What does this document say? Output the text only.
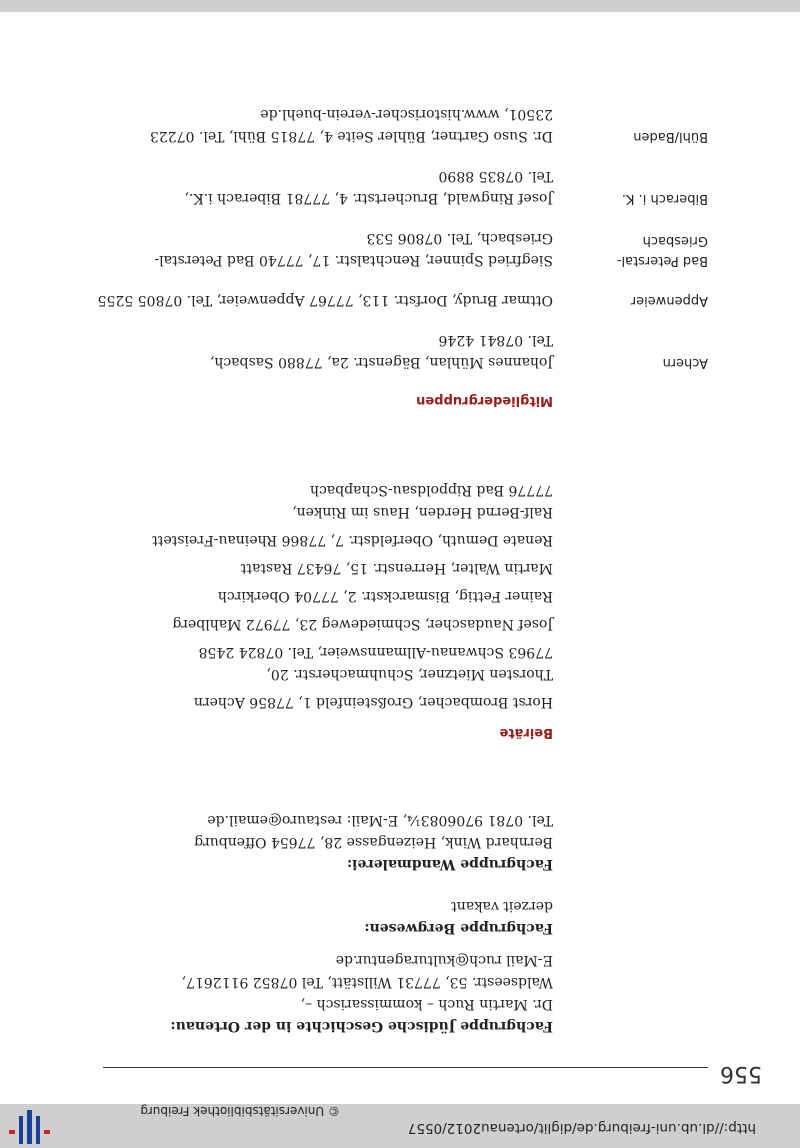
© Universitätsbibliothek Freiburg
http://dl.ub.uni-freiburg.de/diglit/ortenau2012/0557
556
Fachgruppe Jüdische Geschichte in der Ortenau:
Dr. Martin Ruch – kommissarisch –,
Waldseestr. 53, 77731 Willstätt, Tel 07852 9112617,
E-Mail ruch@kulturagentur.de
Fachgruppe Bergwesen:
derzeit vakant
Fachgruppe Wandmalerei:
Bernhard Wink, Heizengasse 28, 77654 Offenburg
Tel. 0781 9706083¼, E-Mail: restauro@email.de
Beiräte
Horst Brombacher, Großsteinfeld 1, 77856 Achern
Thorsten Mietzner, Schuhmacherstr. 20,
77963 Schwanau-Allmannsweier, Tel. 07824 2458
Josef Naudascher, Schmiedeweg 23, 77972 Mahlberg
Rainer Fettig, Bismarckstr. 2, 77704 Oberkirch
Martin Walter, Herrenstr. 15, 76437 Rastatt
Renate Demuth, Oberfeldstr. 7, 77866 Rheinau-Freistett
Ralf-Bernd Herden, Haus im Rinken,
77776 Bad Rippoldsau-Schapbach
Mitgliedergruppen
Achern
Johannes Mühlan, Bägenstr. 2a, 77880 Sasbach,
Tel. 07841 4246
Appenweier
Ottmar Brudy, Dorfstr. 113, 77767 Appenweier, Tel. 07805 5255
Bad Peterstal-
Griesbach
Siegfried Spinner, Renchtalstr. 17, 77740 Bad Peterstal-
Griesbach, Tel. 07806 533
Biberach i. K.
Josef Ringwald, Bruchertstr. 4, 77781 Biberach i.K.,
Tel. 07835 8890
Bühl/Baden
Dr. Suso Gartner, Bühler Seite 4, 77815 Bühl, Tel. 07223
23501, www.historischer-verein-buehl.de
